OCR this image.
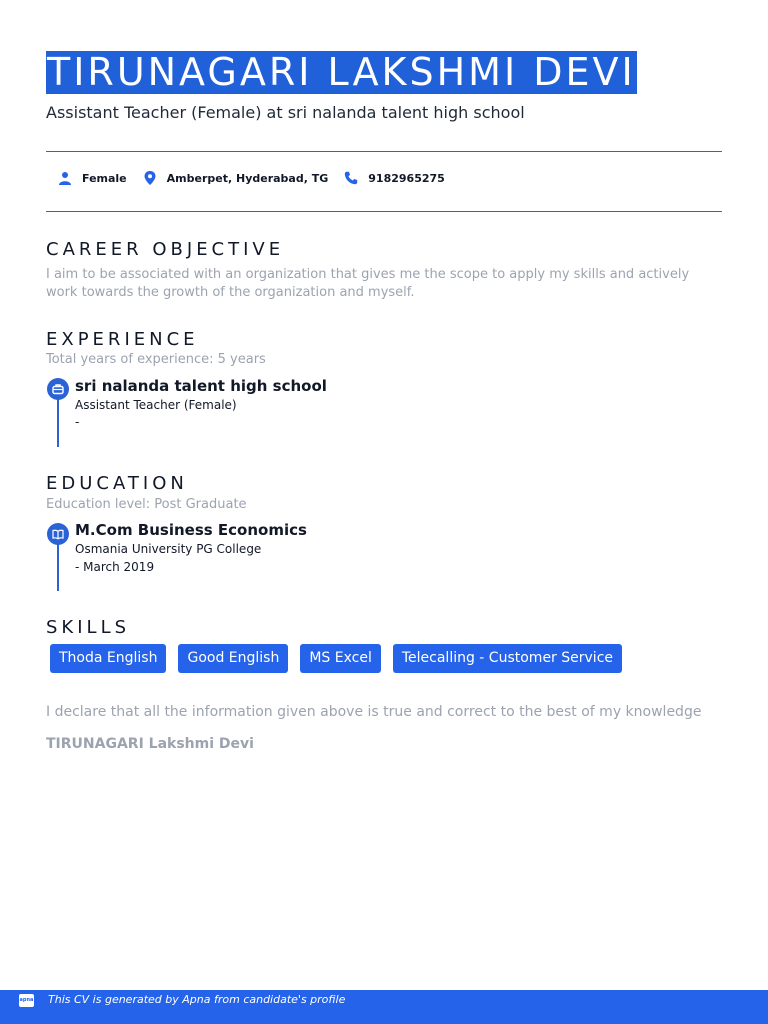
TIRUNAGARI LAKSHMI DEVI
Assistant Teacher (Female) at sri nalanda talent high school
Female	Amberpet, Hyderabad, TG	9182965275
CAREER OBJECTIVE
I aim to be associated with an organization that gives me the scope to apply my skills and actively work towards the growth of the organization and myself.
EXPERIENCE
Total years of experience: 5 years
sri nalanda talent high school
Assistant Teacher (Female)
-
EDUCATION
Education level: Post Graduate
M.Com Business Economics
Osmania University PG College
- March 2019
SKILLS
Thoda English	Good English	MS Excel	Telecalling - Customer Service
I declare that all the information given above is true and correct to the best of my knowledge
TIRUNAGARI Lakshmi Devi
apna This CV is generated by Apna from candidate's profile
